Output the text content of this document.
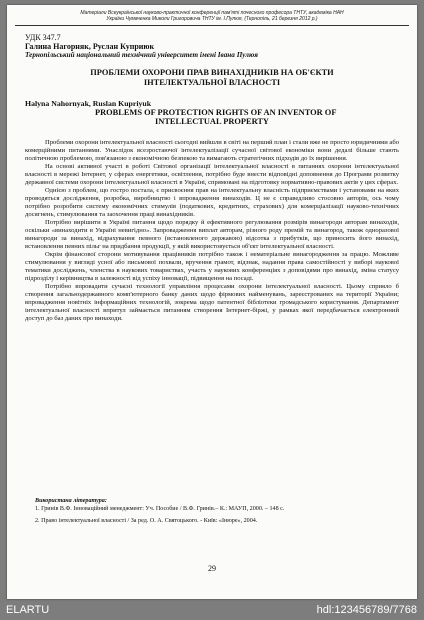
Матеріали Всеукраїнської науково-практичної конференції пам'яті почесного професора ТНТУ, академіка НАН
України Чумаченка Миколи Григоровича ТНТУ ім. І.Пулюя, (Тернопіль, 21 березня 2012 р.)
УДК 347.7
Галина Нагорняк, Руслан Куприюк
Тернопільський національний технічний університет імені Івана Пулюя
ПРОБЛЕМИ ОХОРОНИ ПРАВ ВИНАХІДНИКІВ НА ОБ'ЄКТИ
ІНТЕЛЕКТУАЛЬНОЇ ВЛАСНОСТІ
Halyna Nahornyak, Ruslan Kupriyuk
PROBLEMS OF PROTECTION RIGHTS OF AN INVENTOR OF
INTELLECTUAL PROPERTY

Проблеми охорони інтелектуальної власності сьогодні вийшли в світі на перший план і стали вже не просто юридичними або комерційними питаннями. Унаслідок всезростаючої інтелектуалізації сучасної світової економіки вони дедалі більше стають політичною проблемою, пов'язаною з економічною безпекою та вимагають стратегічних підходів до їх вирішення.

На основі активної участі в роботі Світової організації інтелектуальної власності в питаннях охорони інтелектуальної власності в мережі Інтернет, у сферах енергетики, освітлення, потрібно буде внести відповідні доповнення до Програми розвитку державної системи охорони інтелектуальної власності в Україні, спрямовані на підготовку нормативно-правових актів у цих сферах.

Однією з проблем, що гостро постала, є присвоєння прав на інтелектуальну власність підприємствами і установами на яких проводяться дослідження, розробка, виробництво і впровадження винаходів. Ц не є справедливо стосовно авторів, ось чому потрібно розробити систему економічних стимулів (податкових, кредитних, страхових) для комерціалізації науково-технічних досягнень, стимулювання та заохочення праці винахідників.

Потрібно вирішити в Україні питання щодо порядку й ефективного регулювання розмірів винагороди авторам винаходів, оскільки «винаходити в Україні невигідно». Запровадження виплат авторам, різного роду премій та винагород, також одноразової винагороди за винахід, відрахування певного (встановленого державою) відсотка з прибутків, що приносить його винахід, встановлення певних пільг на придбання продукції, у якій використовується об'єкт інтелектуальної власності.

Окрім фінансової сторони мотивування працівників потрібно також і нематеріальне винагородження за працю. Можливе стимулювання у вигляді усної або письмової похвали, вручення грамот, відзнак, надання права самостійності у виборі наукової тематики досліджень, членства в наукових товариствах, участь у наукових конференціях з доповідями про винахід, зміна статусу підрозділу і керівництва в залежності від успіху інновації, підвищення на посаді.

Потрібно впровадити сучасні технології управління процесами охорони інтелектуальної власності. Цьому сприяло б створення загальнодержавного комп'ютерного банку даних щодо фірмових найменувань, зареєстрованих на території України; впровадження новітніх інформаційних технологій, зокрема щодо патентної бібліотеки громадського користування. Департамент інтелектуальної власності впритул займається питанням створення Інтернет-біржі, у рамках якої передбачається електронний доступ до баз даних про винаходи.

Використана література:

1. Гринів В.Ф. Інноваційний менеджмент: Уч. Пособие / В.Ф. Гринів.– К.: МАУП, 2000. – 148 с.

2. Право інтелектуальної власності / За ред. О. А. Святоцького. - Київ: «Інюре», 2004.

29
ELARTU	hdl:123456789/7768
